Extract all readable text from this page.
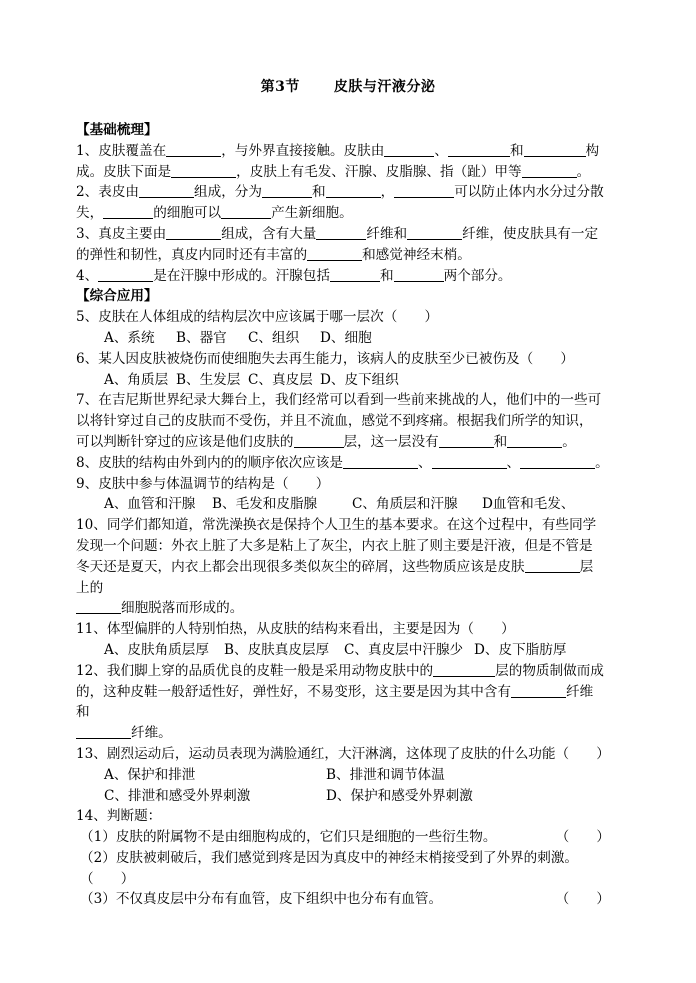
第3节 皮肤与汗液分泌
【基础梳理】
1、皮肤覆盖在	，与外界直接接触。皮肤由	、	和	构
成。皮肤下面是	，皮肤上有毛发、汗腺、皮脂腺、指（趾）甲等	。
2、表皮由	组成，分为	和	，	可以防止体内水分过分散
失，	的细胞可以	产生新细胞。
3、真皮主要由	组成，含有大量	纤维和	纤维，使皮肤具有一定
的弹性和韧性，真皮内同时还有丰富的	和感觉神经末梢。
4、	是在汗腺中形成的。汗腺包括	和	两个部分。
【综合应用】
5、皮肤在人体组成的结构层次中应该属于哪一层次（　　）
A、系统 B、器官 C、组织 D、细胞
6、某人因皮肤被烧伤而使细胞失去再生能力，该病人的皮肤至少已被伤及（　　）
A、角质层 B、生发层 C、真皮层 D、皮下组织
7、在吉尼斯世界纪录大舞台上，我们经常可以看到一些前来挑战的人，他们中的一些可
以将针穿过自己的皮肤而不受伤，并且不流血，感觉不到疼痛。根据我们所学的知识，
可以判断针穿过的应该是他们皮肤的	层，这一层没有	和	。
8、皮肤的结构由外到内的的顺序依次应该是	、	、	。
9、皮肤中参与体温调节的结构是（　　）
A、血管和汗腺 B、毛发和皮脂腺	C、角质层和汗腺 D血管和毛发、
10、同学们都知道，常洗澡换衣是保持个人卫生的基本要求。在这个过程中，有些同学
发现一个问题：外衣上脏了大多是粘上了灰尘，内衣上脏了则主要是汗液，但是不管是
冬天还是夏天，内衣上都会出现很多类似灰尘的碎屑，这些物质应该是皮肤	层
上的
细胞脱落而形成的。
11、体型偏胖的人特别怕热，从皮肤的结构来看出，主要是因为（　　）
A、皮肤角质层厚 B、皮肤真皮层厚 C、真皮层中汗腺少 D、皮下脂肪厚
12、我们脚上穿的品质优良的皮鞋一般是采用动物皮肤中的	层的物质制做而成
的，这种皮鞋一般舒适性好，弹性好，不易变形，这主要是因为其中含有	纤维
和
纤维。
13、剧烈运动后，运动员表现为满脸通红，大汗淋漓，这体现了皮肤的什么功能（　　）
A、保护和排泄	B、排泄和调节体温
C、排泄和感受外界刺激	D、保护和感受外界刺激
14、判断题：
（1）皮肤的附属物不是由细胞构成的，它们只是细胞的一些衍生物。	（　　）
（2）皮肤被刺破后，我们感觉到疼是因为真皮中的神经末梢接受到了外界的刺激。
（　　）
（3）不仅真皮层中分布有血管，皮下组织中也分布有血管。	（　　）
